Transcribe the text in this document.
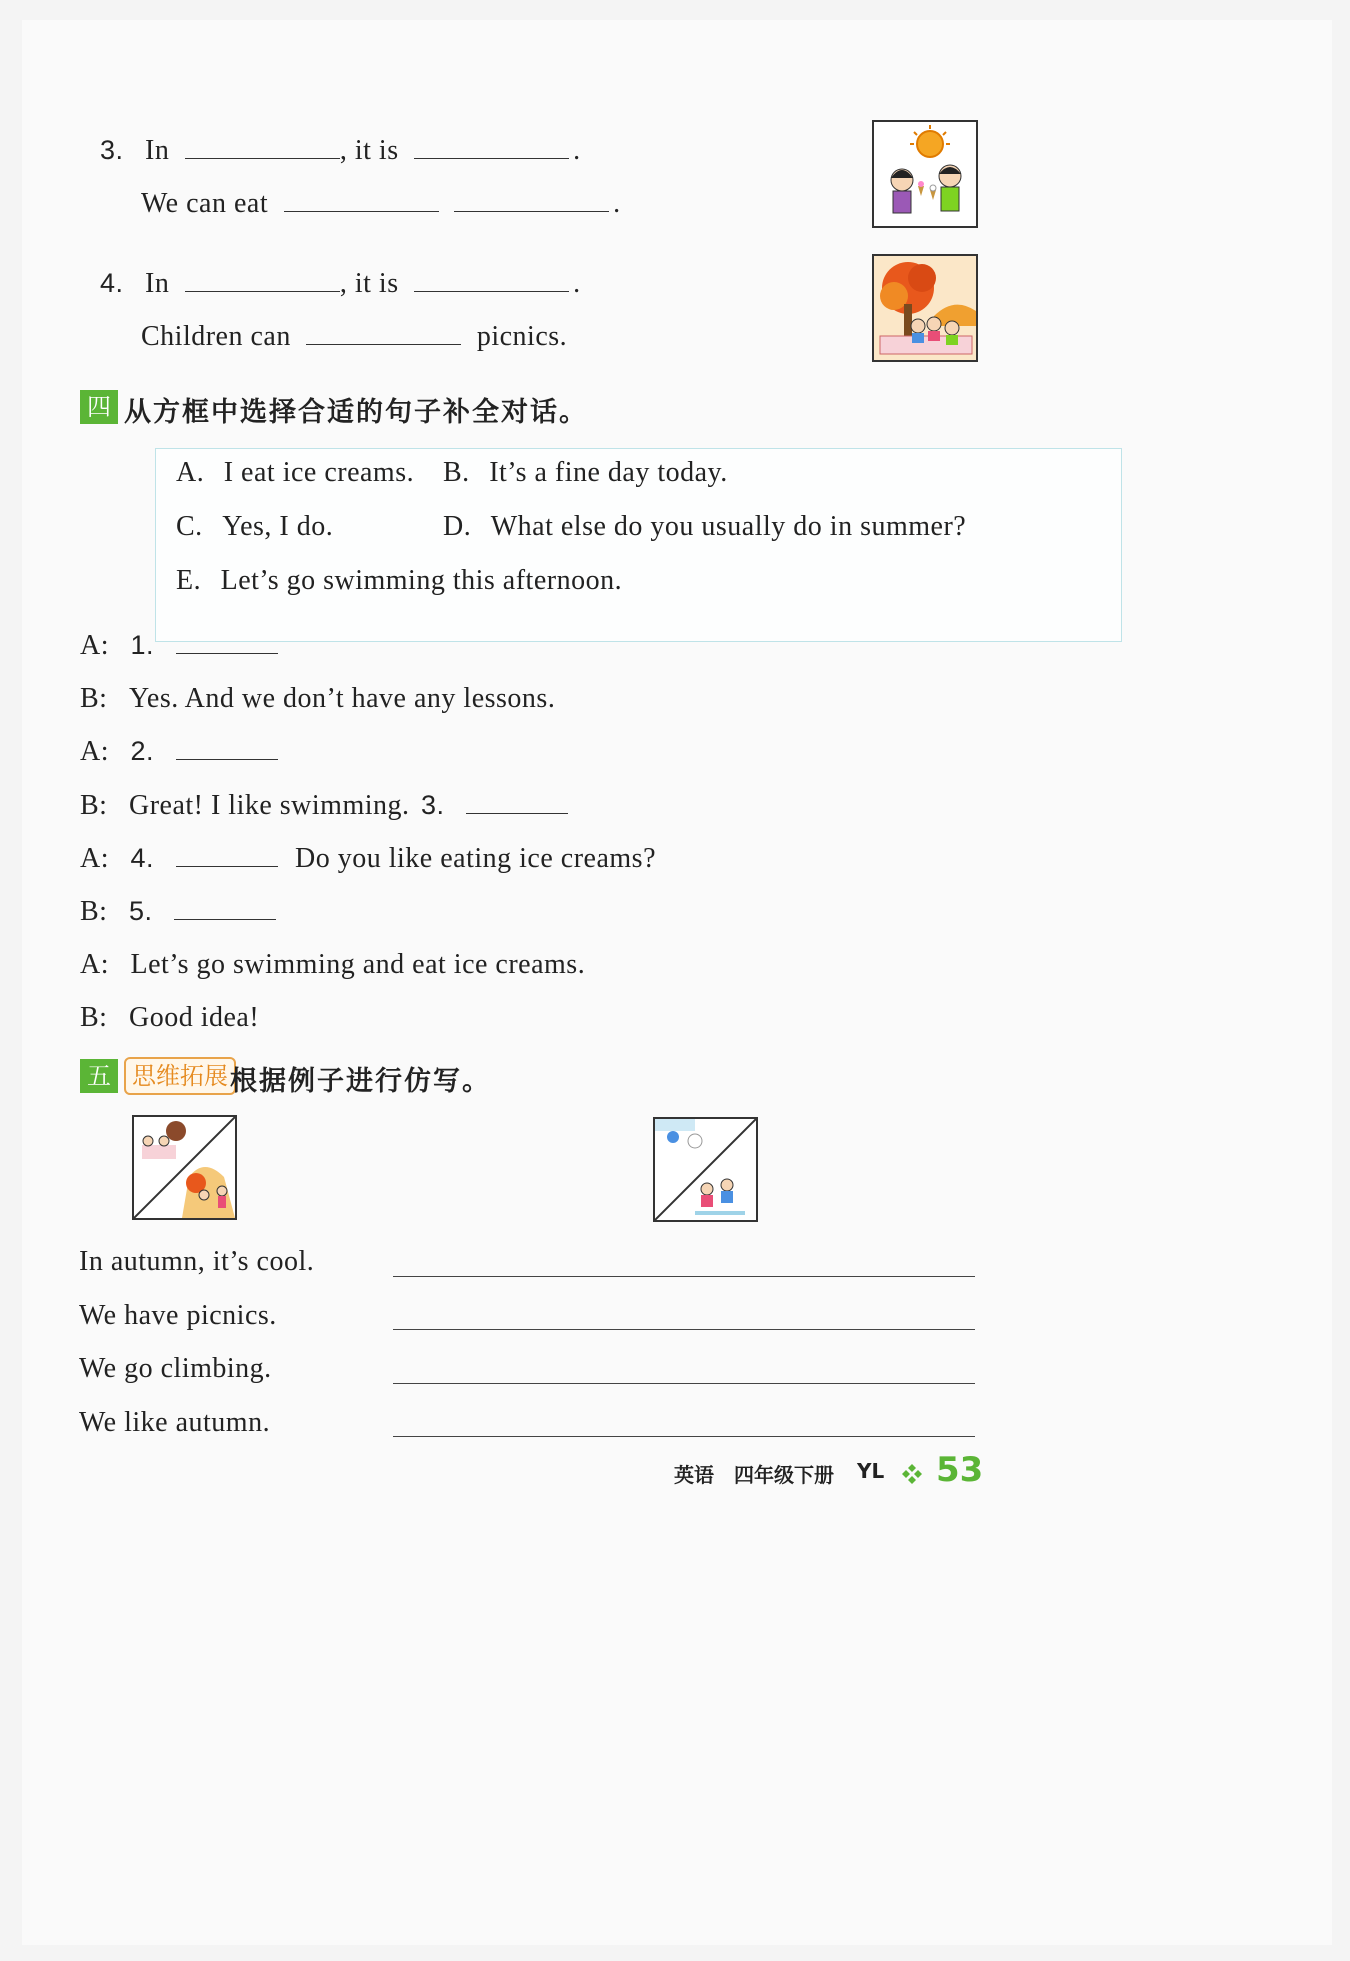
3. In	, it is	.
We can eat	.
4. In	, it is	.
Children can	picnics.
四 从方框中选择合适的句子补全对话。
A. I eat ice creams. B. It’s a fine day today.
C. Yes, I do.	D. What else do you usually do in summer?
E. Let’s go swimming this afternoon.
A: 1.
B: Yes. And we don’t have any lessons.
A: 2.
B: Great! I like swimming. 3.
A: 4.	Do you like eating ice creams?
B: 5.
A: Let’s go swimming and eat ice creams.
B: Good idea!
五 思维拓展 根据例子进行仿写。
In autumn, it’s cool.
We have picnics.
We go climbing.
We like autumn.
英语 四年级下册 YL 53
